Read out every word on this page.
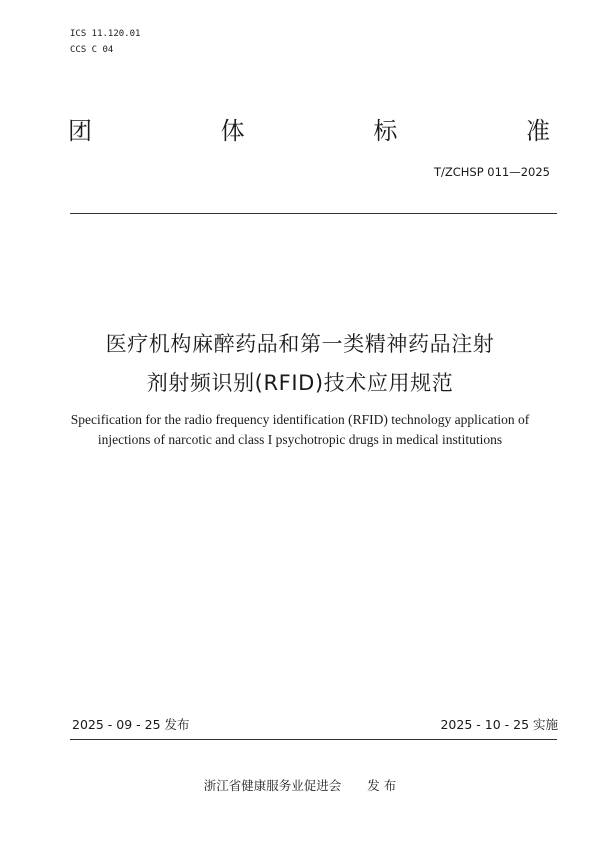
ICS 11.120.01
CCS C 04
团	体	标	准
T/ZCHSP 011—2025
医疗机构麻醉药品和第一类精神药品注射
剂射频识别(RFID)技术应用规范
Specification for the radio frequency identification (RFID) technology application of
injections of narcotic and class I psychotropic drugs in medical institutions
2025 - 09 - 25 发布	2025 - 10 - 25 实施
浙江省健康服务业促进会 发 布
